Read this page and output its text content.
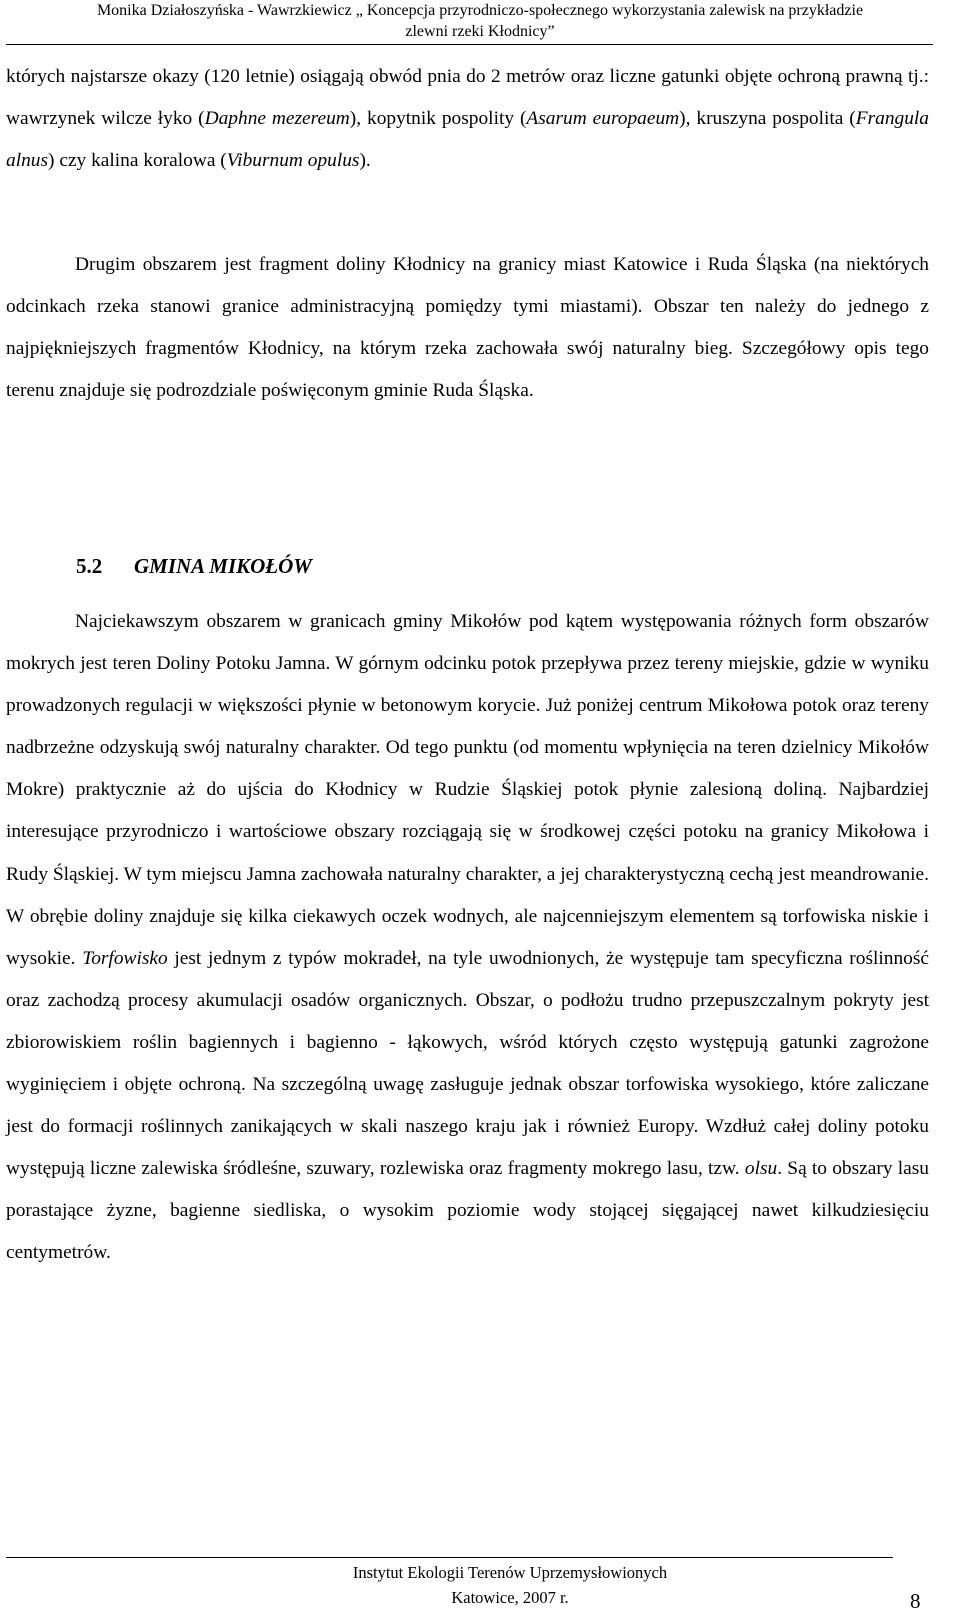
Monika Działoszyńska - Wawrzkiewicz „ Koncepcja przyrodniczo-społecznego wykorzystania zalewisk na przykładzie
zlewni rzeki Kłodnicy”

których najstarsze okazy (120 letnie) osiągają obwód pnia do 2 metrów oraz liczne gatunki objęte ochroną prawną tj.: wawrzynek wilcze łyko (Daphne mezereum), kopytnik pospolity (Asarum europaeum), kruszyna pospolita (Frangula alnus) czy kalina koralowa (Viburnum opulus).

Drugim obszarem jest fragment doliny Kłodnicy na granicy miast Katowice i Ruda Śląska (na niektórych odcinkach rzeka stanowi granice administracyjną pomiędzy tymi miastami). Obszar ten należy do jednego z najpiękniejszych fragmentów Kłodnicy, na którym rzeka zachowała swój naturalny bieg. Szczegółowy opis tego terenu znajduje się podrozdziale poświęconym gminie Ruda Śląska.

5.2 GMINA MIKOŁÓW

Najciekawszym obszarem w granicach gminy Mikołów pod kątem występowania różnych form obszarów mokrych jest teren Doliny Potoku Jamna. W górnym odcinku potok przepływa przez tereny miejskie, gdzie w wyniku prowadzonych regulacji w większości płynie w betonowym korycie. Już poniżej centrum Mikołowa potok oraz tereny nadbrzeżne odzyskują swój naturalny charakter. Od tego punktu (od momentu wpłynięcia na teren dzielnicy Mikołów Mokre) praktycznie aż do ujścia do Kłodnicy w Rudzie Śląskiej potok płynie zalesioną doliną. Najbardziej interesujące przyrodniczo i wartościowe obszary rozciągają się w środkowej części potoku na granicy Mikołowa i Rudy Śląskiej. W tym miejscu Jamna zachowała naturalny charakter, a jej charakterystyczną cechą jest meandrowanie. W obrębie doliny znajduje się kilka ciekawych oczek wodnych, ale najcenniejszym elementem są torfowiska niskie i wysokie. Torfowisko jest jednym z typów mokradeł, na tyle uwodnionych, że występuje tam specyficzna roślinność oraz zachodzą procesy akumulacji osadów organicznych. Obszar, o podłożu trudno przepuszczalnym pokryty jest zbiorowiskiem roślin bagiennych i bagienno - łąkowych, wśród których często występują gatunki zagrożone wyginięciem i objęte ochroną. Na szczególną uwagę zasługuje jednak obszar torfowiska wysokiego, które zaliczane jest do formacji roślinnych zanikających w skali naszego kraju jak i również Europy. Wzdłuż całej doliny potoku występują liczne zalewiska śródleśne, szuwary, rozlewiska oraz fragmenty mokrego lasu, tzw. olsu. Są to obszary lasu porastające żyzne, bagienne siedliska, o wysokim poziomie wody stojącej sięgającej nawet kilkudziesięciu centymetrów.

Instytut Ekologii Terenów Uprzemysłowionych
Katowice, 2007 r.	8
